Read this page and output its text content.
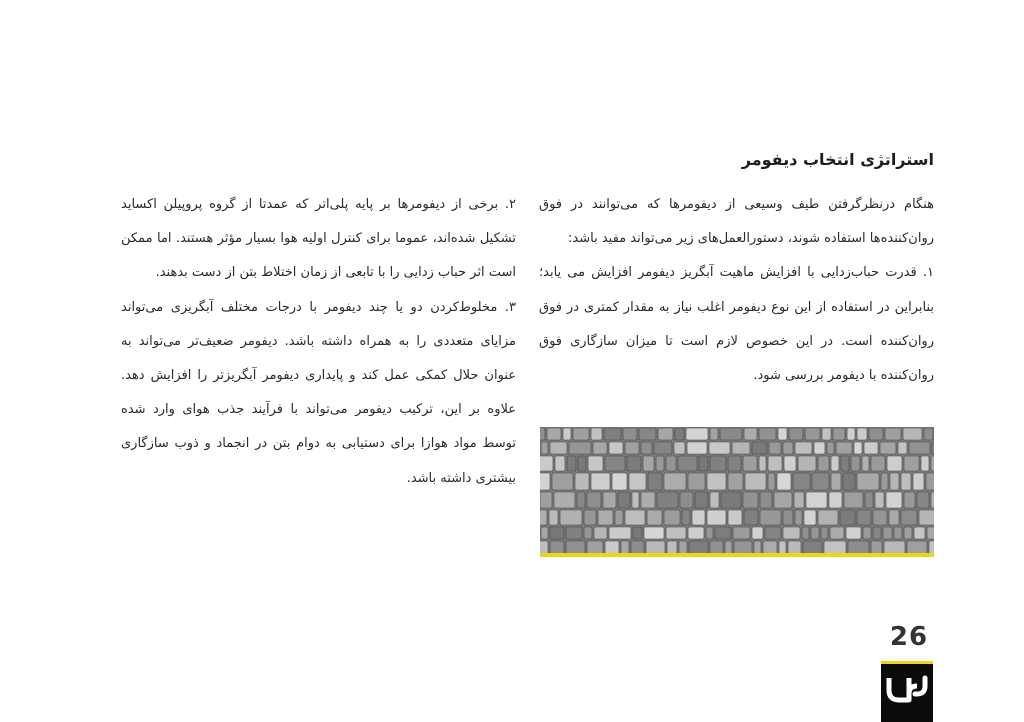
استراتژی انتخاب دیفومر

هنگام درنظرگرفتن طیف وسیعی از دیفومرها که می‌توانند در فوق روان‌کننده‌ها استفاده شوند، دستورالعمل‌های زیر می‌تواند مفید باشد:

۱. قدرت حباب‌زدایی با افزایش ماهیت آبگریز دیفومر افزایش می یابد؛ بنابراین در استفاده از این نوع دیفومر اغلب نیاز به مقدار کمتری در فوق روان‌کننده است. در این خصوص لازم است تا میزان سازگاری فوق روان‌کننده با دیفومر بررسی شود.

۲. برخی از دیفومرها بر پایه پلی‌اتر که عمدتا از گروه پروپیلن اکساید تشکیل شده‌اند، عموما برای کنترل اولیه هوا بسیار مؤثر هستند. اما ممکن است اثر حباب زدایی را با تابعی از زمان اختلاط بتن از دست بدهند.

۳. مخلوط‌کردن دو یا چند دیفومر با درجات مختلف آبگریزی می‌تواند مزایای متعددی را به همراه داشته باشد. دیفومر ضعیف‌تر می‌تواند به عنوان حلال کمکی عمل کند و پایداری دیفومر آبگریزتر را افزایش دهد. علاوه بر این، ترکیب دیفومر می‌تواند با فرآیند جذب هوای وارد شده توسط مواد هوازا برای دستیابی به دوام بتن در انجماد و ذوب سازگاری بیشتری داشته باشد.

26
